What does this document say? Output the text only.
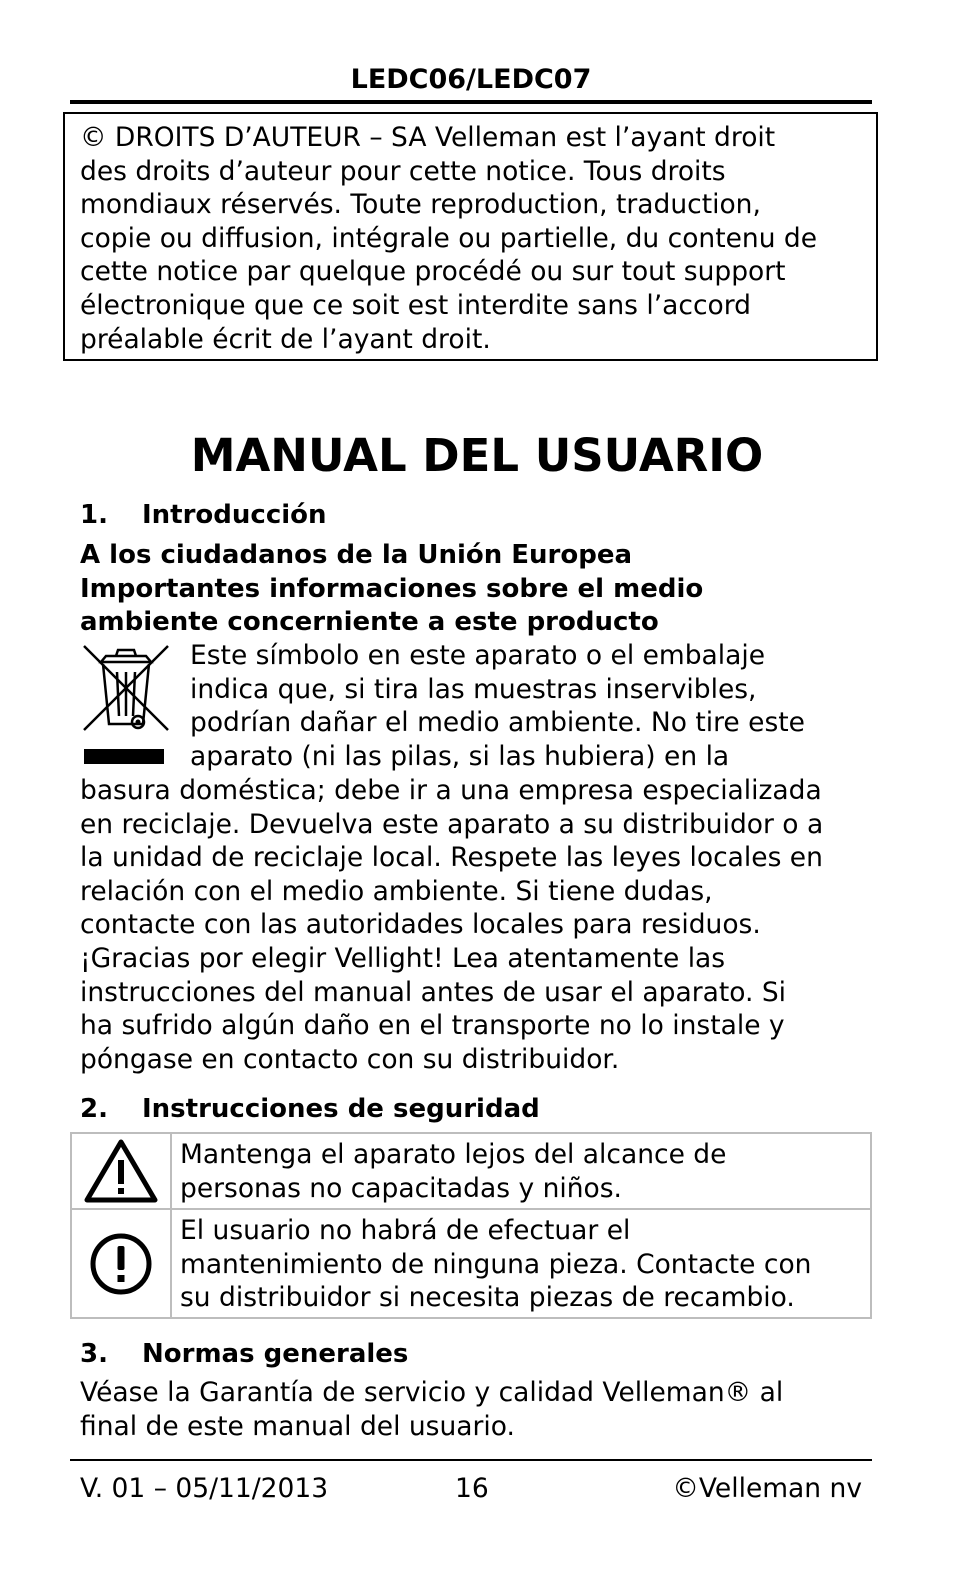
LEDC06/LEDC07
© DROITS D’AUTEUR – SA Velleman est l’ayant droit
des droits d’auteur pour cette notice. Tous droits
mondiaux réservés. Toute reproduction, traduction,
copie ou diffusion, intégrale ou partielle, du contenu de
cette notice par quelque procédé ou sur tout support
électronique que ce soit est interdite sans l’accord
préalable écrit de l’ayant droit.
MANUAL DEL USUARIO
1. Introducción
A los ciudadanos de la Unión Europea
Importantes informaciones sobre el medio
ambiente concerniente a este producto
Este símbolo en este aparato o el embalaje
indica que, si tira las muestras inservibles,
podrían dañar el medio ambiente. No tire este
aparato (ni las pilas, si las hubiera) en la
basura doméstica; debe ir a una empresa especializada
en reciclaje. Devuelva este aparato a su distribuidor o a
la unidad de reciclaje local. Respete las leyes locales en
relación con el medio ambiente. Si tiene dudas,
contacte con las autoridades locales para residuos.
¡Gracias por elegir Vellight! Lea atentamente las
instrucciones del manual antes de usar el aparato. Si
ha sufrido algún daño en el transporte no lo instale y
póngase en contacto con su distribuidor.
2. Instrucciones de seguridad
Mantenga el aparato lejos del alcance de
personas no capacitadas y niños.
El usuario no habrá de efectuar el
mantenimiento de ninguna pieza. Contacte con
su distribuidor si necesita piezas de recambio.
3. Normas generales
Véase la Garantía de servicio y calidad Velleman® al
final de este manual del usuario.
V. 01 – 05/11/2013	16	©Velleman nv
